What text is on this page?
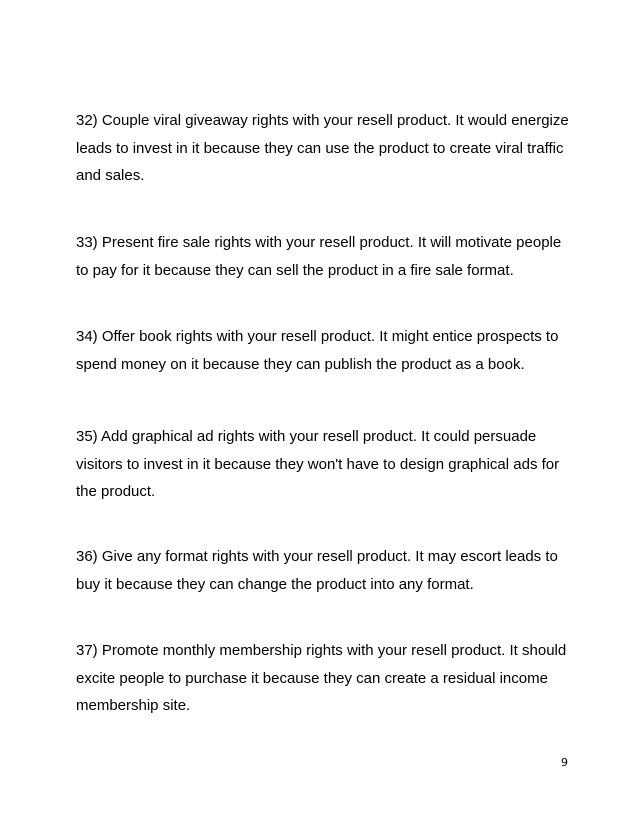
32) Couple viral giveaway rights with your resell product. It would energize
leads to invest in it because they can use the product to create viral traffic
and sales.

33) Present fire sale rights with your resell product. It will motivate people
to pay for it because they can sell the product in a fire sale format.

34) Offer book rights with your resell product. It might entice prospects to
spend money on it because they can publish the product as a book.

35) Add graphical ad rights with your resell product. It could persuade
visitors to invest in it because they won't have to design graphical ads for
the product.

36) Give any format rights with your resell product. It may escort leads to
buy it because they can change the product into any format.

37) Promote monthly membership rights with your resell product. It should
excite people to purchase it because they can create a residual income
membership site.

9
